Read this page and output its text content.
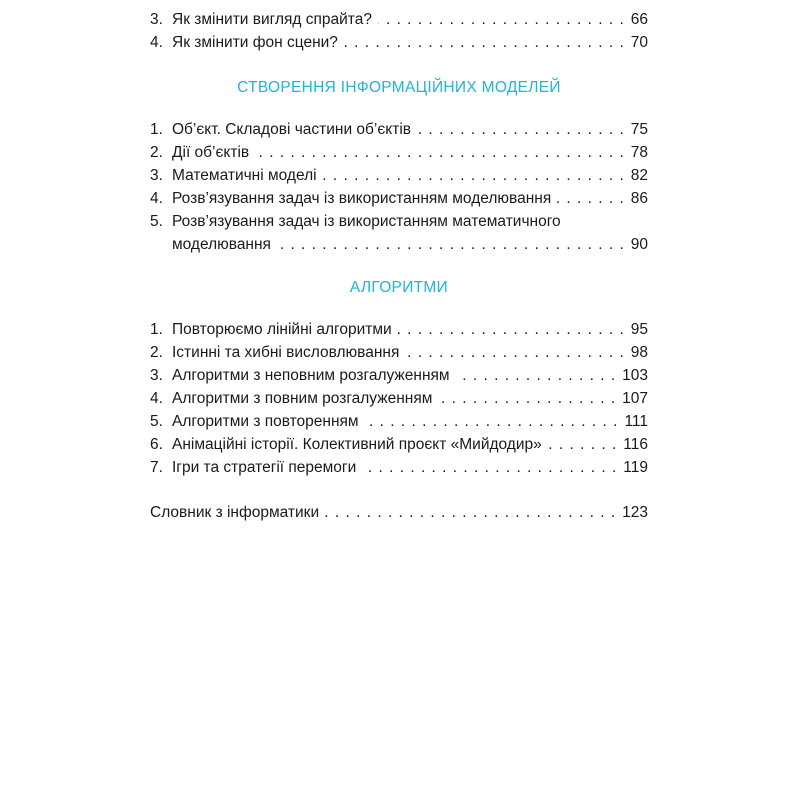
3. Як змінити вигляд спрайта? . . .	66
4. Як змінити фон сцени? . . .	70
СТВОРЕННЯ ІНФОРМАЦІЙНИХ МОДЕЛЕЙ
1. Об’єкт. Складові частини об’єктів . . .	75
2. Дії об’єктів . . .	78
3. Математичні моделі . . .	82
4. Розв’язування задач із використанням моделювання . . .	86
5. Розв’язування задач із використанням математичного
моделювання . . .	90
АЛГОРИТМИ
1. Повторюємо лінійні алгоритми . . .	95
2. Істинні та хибні висловлювання . . .	98
3. Алгоритми з неповним розгалуженням . . .	103
4. Алгоритми з повним розгалуженням . . .	107
5. Алгоритми з повторенням . . .	111
6. Анімаційні історії. Колективний проєкт «Мийдодир» . . .	116
7. Ігри та стратегії перемоги . . .	119
Словник з інформатики . . .	123
